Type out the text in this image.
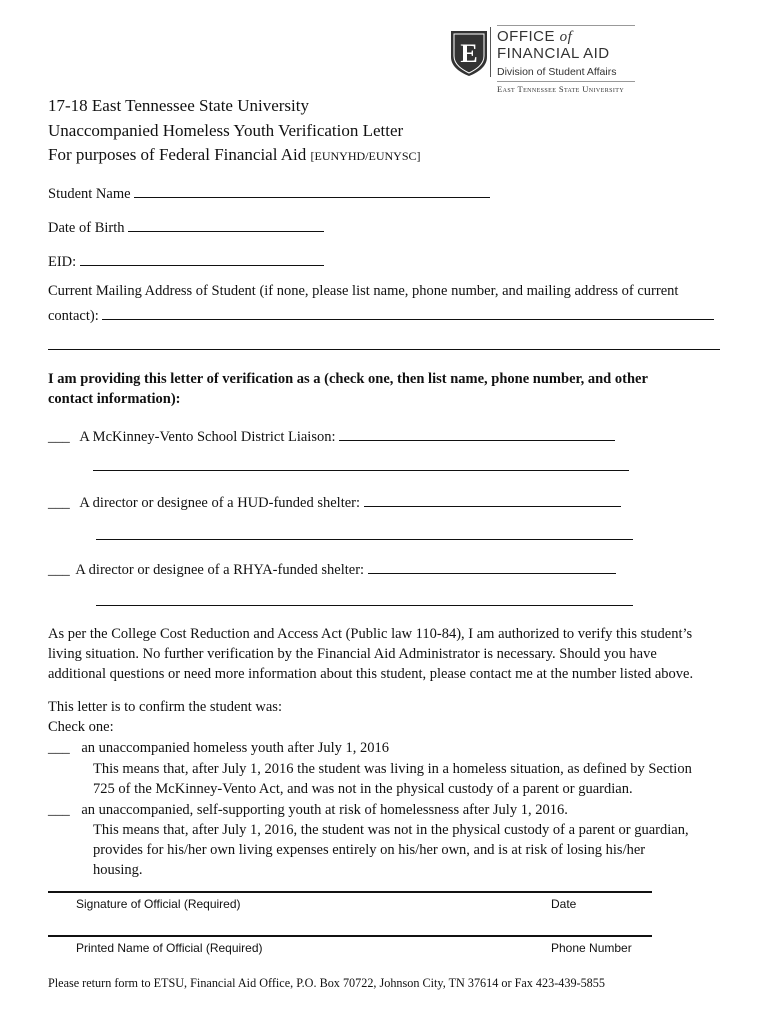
E
OFFICE of
FINANCIAL AID
Division of Student Affairs
East Tennessee State University
17-18 East Tennessee State University
Unaccompanied Homeless Youth Verification Letter
For purposes of Federal Financial Aid [EUNYHD/EUNYSC]
Student Name
Date of Birth
EID:
Current Mailing Address of Student (if none, please list name, phone number, and mailing address of current
contact):
I am providing this letter of verification as a (check one, then list name, phone number, and other
contact information):
___ A McKinney-Vento School District Liaison:
___ A director or designee of a HUD-funded shelter:
___ A director or designee of a RHYA-funded shelter:
As per the College Cost Reduction and Access Act (Public law 110-84), I am authorized to verify this student’s
living situation. No further verification by the Financial Aid Administrator is necessary. Should you have
additional questions or need more information about this student, please contact me at the number listed above.
This letter is to confirm the student was:
Check one:
___ an unaccompanied homeless youth after July 1, 2016
This means that, after July 1, 2016 the student was living in a homeless situation, as defined by Section
725 of the McKinney-Vento Act, and was not in the physical custody of a parent or guardian.
___ an unaccompanied, self-supporting youth at risk of homelessness after July 1, 2016.
This means that, after July 1, 2016, the student was not in the physical custody of a parent or guardian,
provides for his/her own living expenses entirely on his/her own, and is at risk of losing his/her
housing.
Signature of Official (Required)	Date
Printed Name of Official (Required)	Phone Number
Please return form to ETSU, Financial Aid Office, P.O. Box 70722, Johnson City, TN 37614 or Fax 423-439-5855
